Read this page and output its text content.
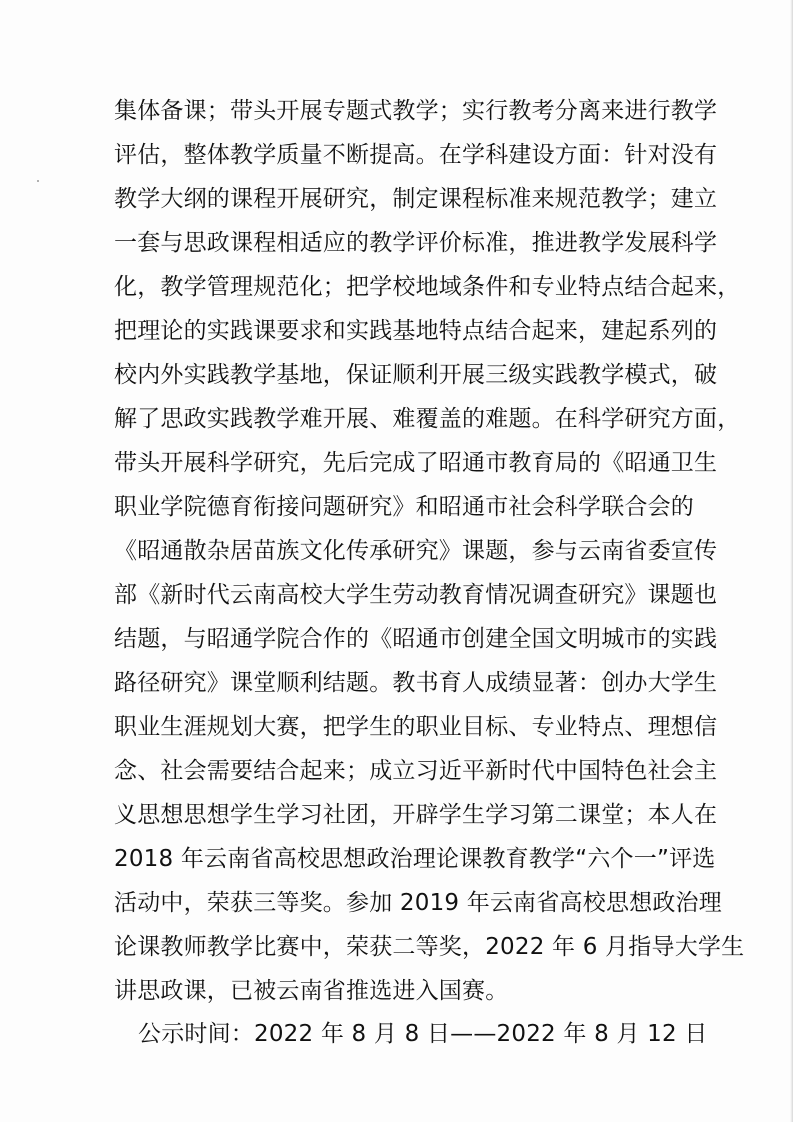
集体备课；带头开展专题式教学；实行教考分离来进行教学
评估，整体教学质量不断提高。在学科建设方面：针对没有
教学大纲的课程开展研究，制定课程标准来规范教学；建立
一套与思政课程相适应的教学评价标准，推进教学发展科学
化，教学管理规范化；把学校地域条件和专业特点结合起来，
把理论的实践课要求和实践基地特点结合起来，建起系列的
校内外实践教学基地，保证顺利开展三级实践教学模式，破
解了思政实践教学难开展、难覆盖的难题。在科学研究方面，
带头开展科学研究，先后完成了昭通市教育局的《昭通卫生
职业学院德育衔接问题研究》和昭通市社会科学联合会的
《昭通散杂居苗族文化传承研究》课题，参与云南省委宣传
部《新时代云南高校大学生劳动教育情况调查研究》课题也
结题，与昭通学院合作的《昭通市创建全国文明城市的实践
路径研究》课堂顺利结题。教书育人成绩显著：创办大学生
职业生涯规划大赛，把学生的职业目标、专业特点、理想信
念、社会需要结合起来；成立习近平新时代中国特色社会主
义思想思想学生学习社团，开辟学生学习第二课堂；本人在
2018 年云南省高校思想政治理论课教育教学“六个一”评选
活动中，荣获三等奖。参加 2019 年云南省高校思想政治理
论课教师教学比赛中，荣获二等奖，2022 年 6 月指导大学生
讲思政课，已被云南省推选进入国赛。
公示时间：2022 年 8 月 8 日——2022 年 8 月 12 日
